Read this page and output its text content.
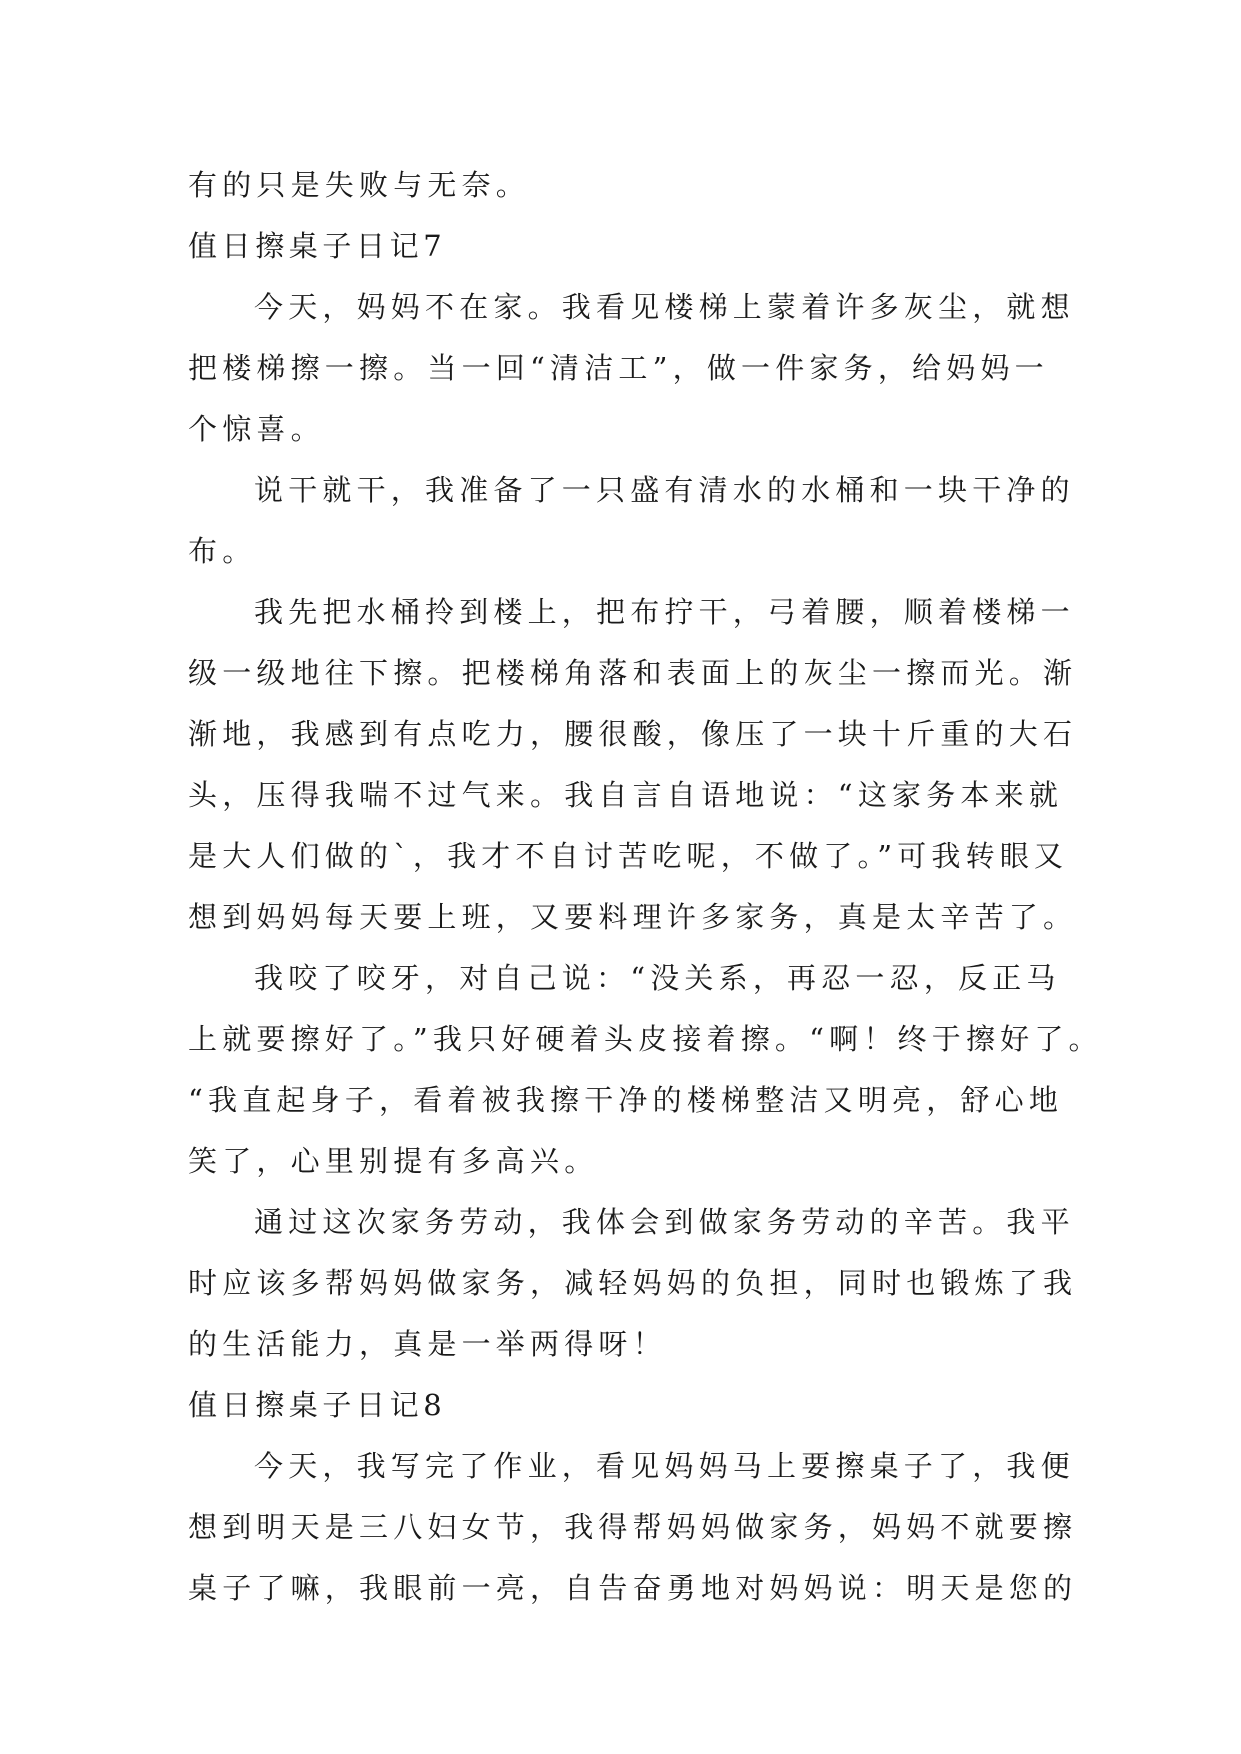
有的只是失败与无奈。
值日擦桌子日记7
今天，妈妈不在家。我看见楼梯上蒙着许多灰尘，就想
把楼梯擦一擦。当一回“清洁工”，做一件家务，给妈妈一
个惊喜。
说干就干，我准备了一只盛有清水的水桶和一块干净的
布。
我先把水桶拎到楼上，把布拧干，弓着腰，顺着楼梯一
级一级地往下擦。把楼梯角落和表面上的灰尘一擦而光。渐
渐地，我感到有点吃力，腰很酸，像压了一块十斤重的大石
头，压得我喘不过气来。我自言自语地说：“这家务本来就
是大人们做的`，我才不自讨苦吃呢，不做了。”可我转眼又
想到妈妈每天要上班，又要料理许多家务，真是太辛苦了。
我咬了咬牙，对自己说：“没关系，再忍一忍，反正马
上就要擦好了。”我只好硬着头皮接着擦。“啊！终于擦好了。
“我直起身子，看着被我擦干净的楼梯整洁又明亮，舒心地
笑了，心里别提有多高兴。
通过这次家务劳动，我体会到做家务劳动的辛苦。我平
时应该多帮妈妈做家务，减轻妈妈的负担，同时也锻炼了我
的生活能力，真是一举两得呀！
值日擦桌子日记8
今天，我写完了作业，看见妈妈马上要擦桌子了，我便
想到明天是三八妇女节，我得帮妈妈做家务，妈妈不就要擦
桌子了嘛，我眼前一亮，自告奋勇地对妈妈说：明天是您的
